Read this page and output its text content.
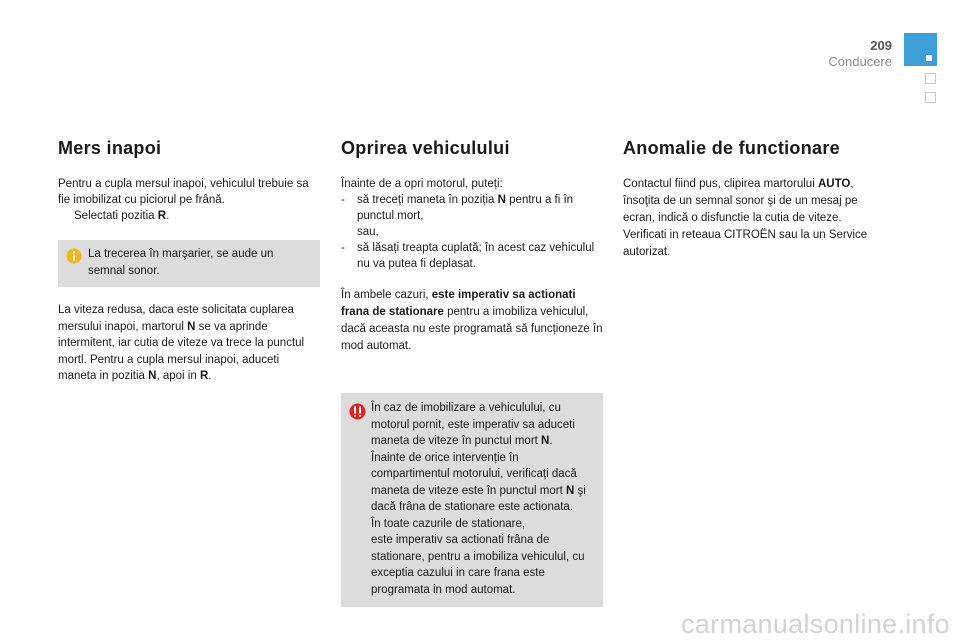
209
Conducere
Mers inapoi

Pentru a cupla mersul inapoi, vehiculul trebuie sa fie imobilizat cu piciorul pe frână.

Selectati pozitia R.

La trecerea în marşarier, se aude un semnal sonor.

La viteza redusa, daca este solicitata cuplarea mersului inapoi, martorul N se va aprinde intermitent, iar cutia de viteze va trece la punctul mortl. Pentru a cupla mersul inapoi, aduceti maneta in pozitia N, apoi in R.

Oprirea vehiculului

Înainte de a opri motorul, puteți:

-	să treceți maneta în poziția N pentru a fi în punctul mort,
sau,
-	să lăsați treapta cuplată; în acest caz vehiculul nu va putea fi deplasat.

În ambele cazuri, este imperativ sa actionati frana de stationare pentru a imobiliza vehiculul, dacă aceasta nu este programată să funcționeze în mod automat.

În caz de imobilizare a vehiculului, cu motorul pornit, este imperativ sa aduceti maneta de viteze în punctul mort N.
Înainte de orice intervenție în compartimentul motorului, verificați dacă maneta de viteze este în punctul mort N şi dacă frâna de stationare este actionata.
În toate cazurile de stationare,
este imperativ sa actionati frâna de stationare, pentru a imobiliza vehiculul, cu exceptia cazului in care frana este programata in mod automat.

Anomalie de functionare

Contactul fiind pus, clipirea martorului AUTO, însoţita de un semnal sonor şi de un mesaj pe ecran, indică o disfunctie la cutia de viteze. Verificati in reteaua CITROËN sau la un Service autorizat.

carmanualsonline.info
